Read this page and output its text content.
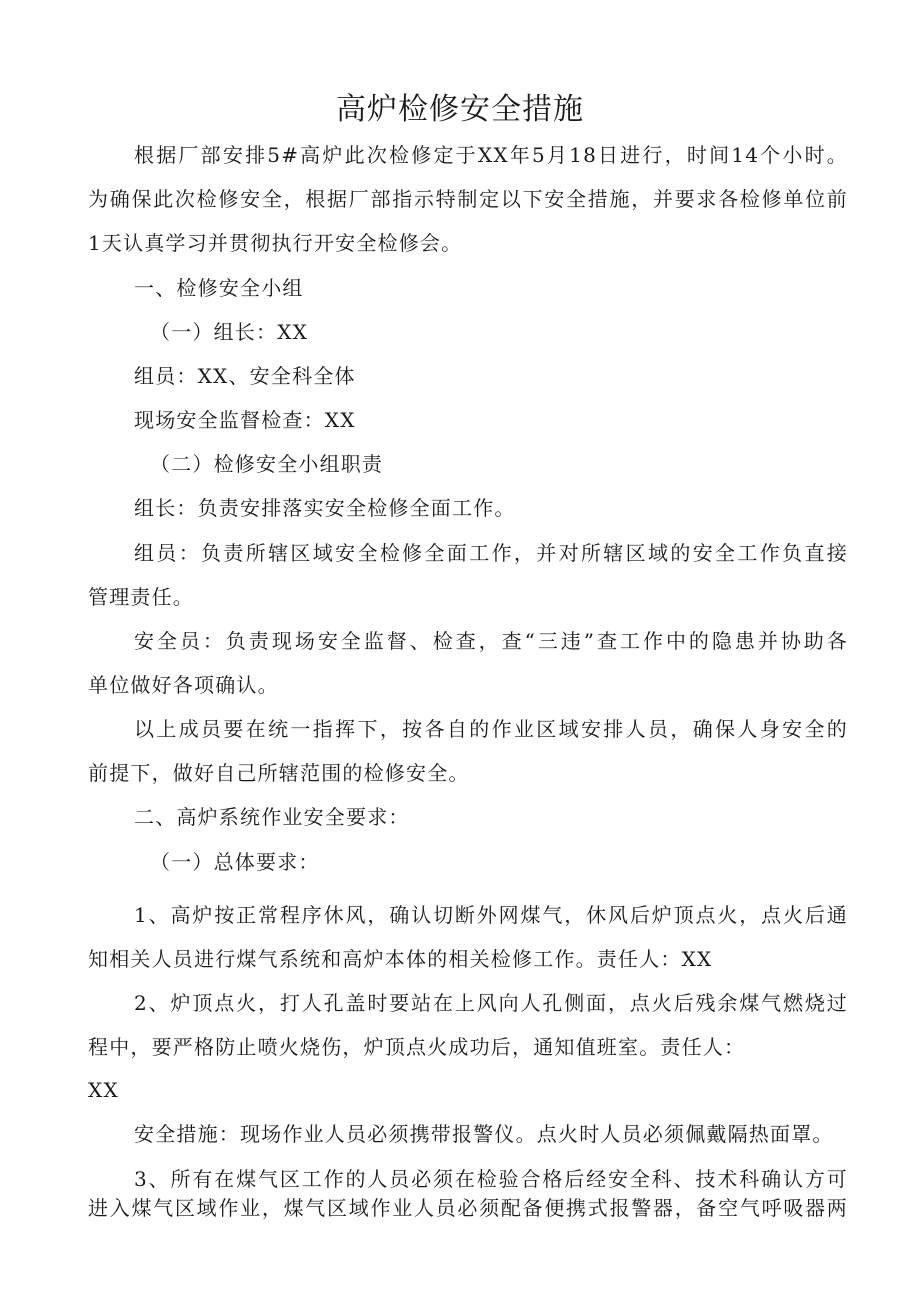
高炉检修安全措施
根据厂部安排5#高炉此次检修定于XX年5月18日进行，时间14个小时。
为确保此次检修安全，根据厂部指示特制定以下安全措施，并要求各检修单位前
1天认真学习并贯彻执行开安全检修会。
一、检修安全小组
（一）组长：XX
组员：XX、安全科全体
现场安全监督检查：XX
（二）检修安全小组职责
组长：负责安排落实安全检修全面工作。
组员：负责所辖区域安全检修全面工作，并对所辖区域的安全工作负直接
管理责任。
安全员：负责现场安全监督、检查，查“三违”查工作中的隐患并协助各
单位做好各项确认。
以上成员要在统一指挥下，按各自的作业区域安排人员，确保人身安全的
前提下，做好自己所辖范围的检修安全。
二、高炉系统作业安全要求：
（一）总体要求：
1、高炉按正常程序休风，确认切断外网煤气，休风后炉顶点火，点火后通
知相关人员进行煤气系统和高炉本体的相关检修工作。责任人：XX
2、炉顶点火，打人孔盖时要站在上风向人孔侧面，点火后残余煤气燃烧过
程中，要严格防止喷火烧伤，炉顶点火成功后，通知值班室。责任人：
XX
安全措施：现场作业人员必须携带报警仪。点火时人员必须佩戴隔热面罩。
3、所有在煤气区工作的人员必须在检验合格后经安全科、技术科确认方可
进入煤气区域作业，煤气区域作业人员必须配备便携式报警器，备空气呼吸器两
